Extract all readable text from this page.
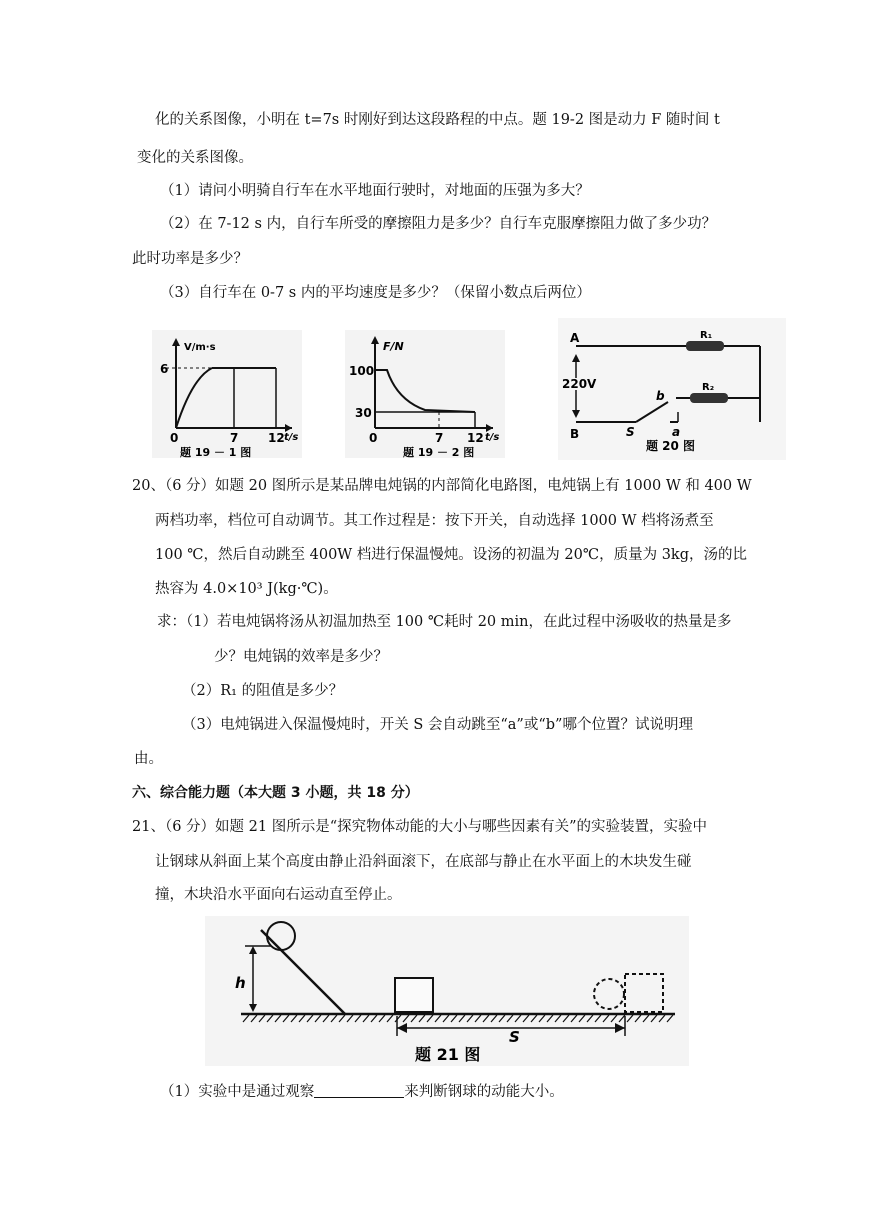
化的关系图像，小明在 t=7s 时刚好到达这段路程的中点。题 19-2 图是动力 F 随时间 t
变化的关系图像。
（1）请问小明骑自行车在水平地面行驶时，对地面的压强为多大？
（2）在 7-12 s 内，自行车所受的摩擦阻力是多少？自行车克服摩擦阻力做了多少功？
此时功率是多少？
（3）自行车在 0-7 s 内的平均速度是多少？（保留小数点后两位）
V/m·s
6
0	7 12 t/s
题 19 － 1 图
F/N
100
30
0	7 12 t/s
题 19 － 2 图
A
220V
B
R₁
R₂
b
a
S
题 20 图
20、（6 分）如题 20 图所示是某品牌电炖锅的内部简化电路图，电炖锅上有 1000 W 和 400 W
两档功率，档位可自动调节。其工作过程是：按下开关，自动选择 1000 W 档将汤煮至
100 ℃，然后自动跳至 400W 档进行保温慢炖。设汤的初温为 20℃，质量为 3kg，汤的比
热容为 4.0×10³ J(kg·℃)。
求：（1）若电炖锅将汤从初温加热至 100 ℃耗时 20 min，在此过程中汤吸收的热量是多
少？电炖锅的效率是多少？
（2）R₁ 的阻值是多少？
（3）电炖锅进入保温慢炖时，开关 S 会自动跳至“a”或“b”哪个位置？试说明理
由。
六、综合能力题（本大题 3 小题，共 18 分）
21、（6 分）如题 21 图所示是“探究物体动能的大小与哪些因素有关”的实验装置，实验中
让钢球从斜面上某个高度由静止沿斜面滚下，在底部与静止在水平面上的木块发生碰
撞，木块沿水平面向右运动直至停止。
h
S
题 21 图
（1）实验中是通过观察	来判断钢球的动能大小。
